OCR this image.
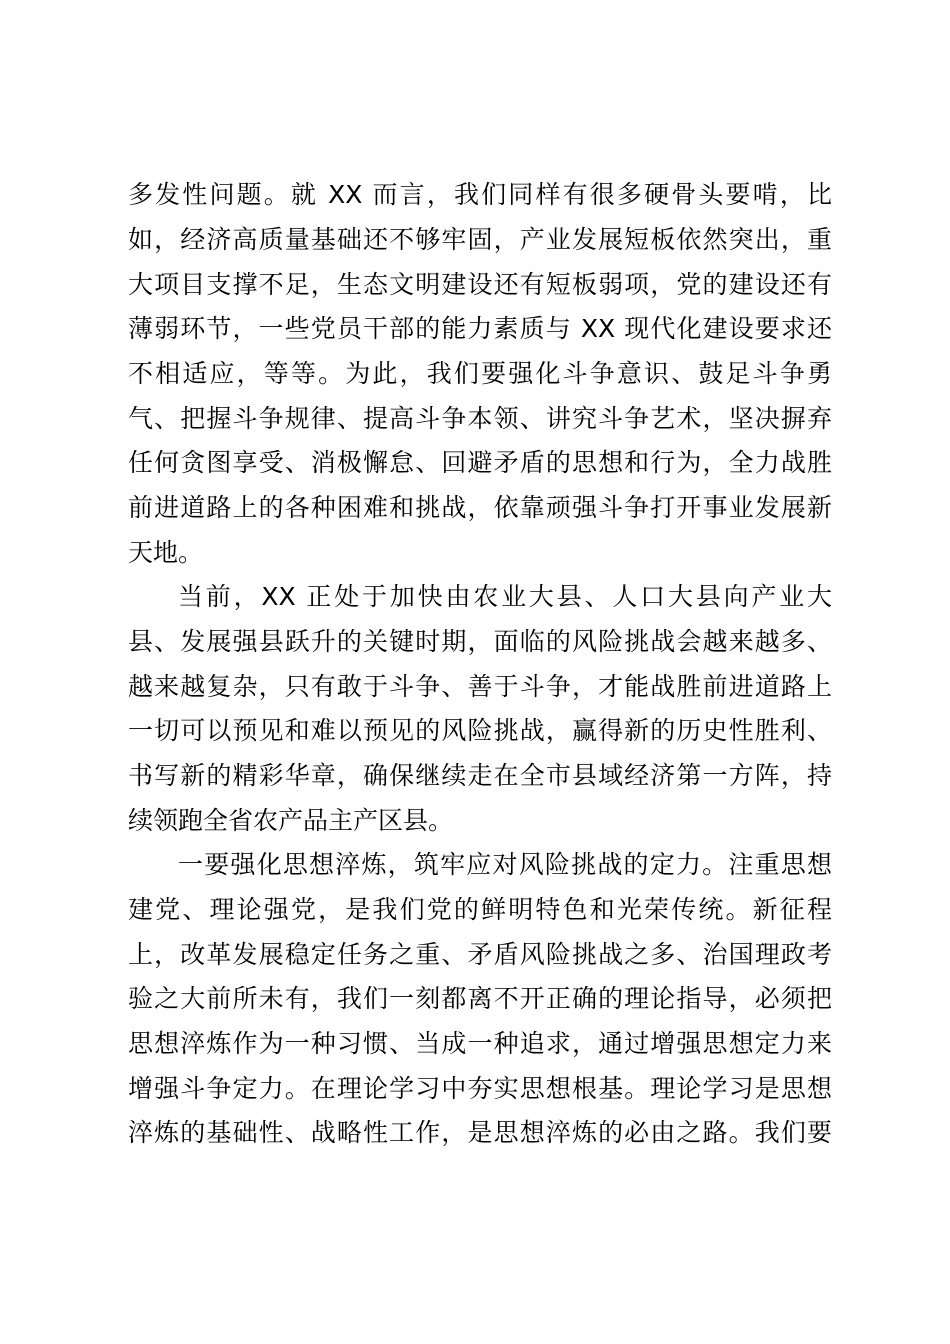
多发性问题。就 XX 而言，我们同样有很多硬骨头要啃，比
如，经济高质量基础还不够牢固，产业发展短板依然突出，重
大项目支撑不足，生态文明建设还有短板弱项，党的建设还有
薄弱环节，一些党员干部的能力素质与 XX 现代化建设要求还
不相适应，等等。为此，我们要强化斗争意识、鼓足斗争勇
气、把握斗争规律、提高斗争本领、讲究斗争艺术，坚决摒弃
任何贪图享受、消极懈怠、回避矛盾的思想和行为，全力战胜
前进道路上的各种困难和挑战，依靠顽强斗争打开事业发展新
天地。
当前，XX 正处于加快由农业大县、人口大县向产业大
县、发展强县跃升的关键时期，面临的风险挑战会越来越多、
越来越复杂，只有敢于斗争、善于斗争，才能战胜前进道路上
一切可以预见和难以预见的风险挑战，赢得新的历史性胜利、
书写新的精彩华章，确保继续走在全市县域经济第一方阵，持
续领跑全省农产品主产区县。
一要强化思想淬炼，筑牢应对风险挑战的定力。注重思想
建党、理论强党，是我们党的鲜明特色和光荣传统。新征程
上，改革发展稳定任务之重、矛盾风险挑战之多、治国理政考
验之大前所未有，我们一刻都离不开正确的理论指导，必须把
思想淬炼作为一种习惯、当成一种追求，通过增强思想定力来
增强斗争定力。在理论学习中夯实思想根基。理论学习是思想
淬炼的基础性、战略性工作，是思想淬炼的必由之路。我们要
